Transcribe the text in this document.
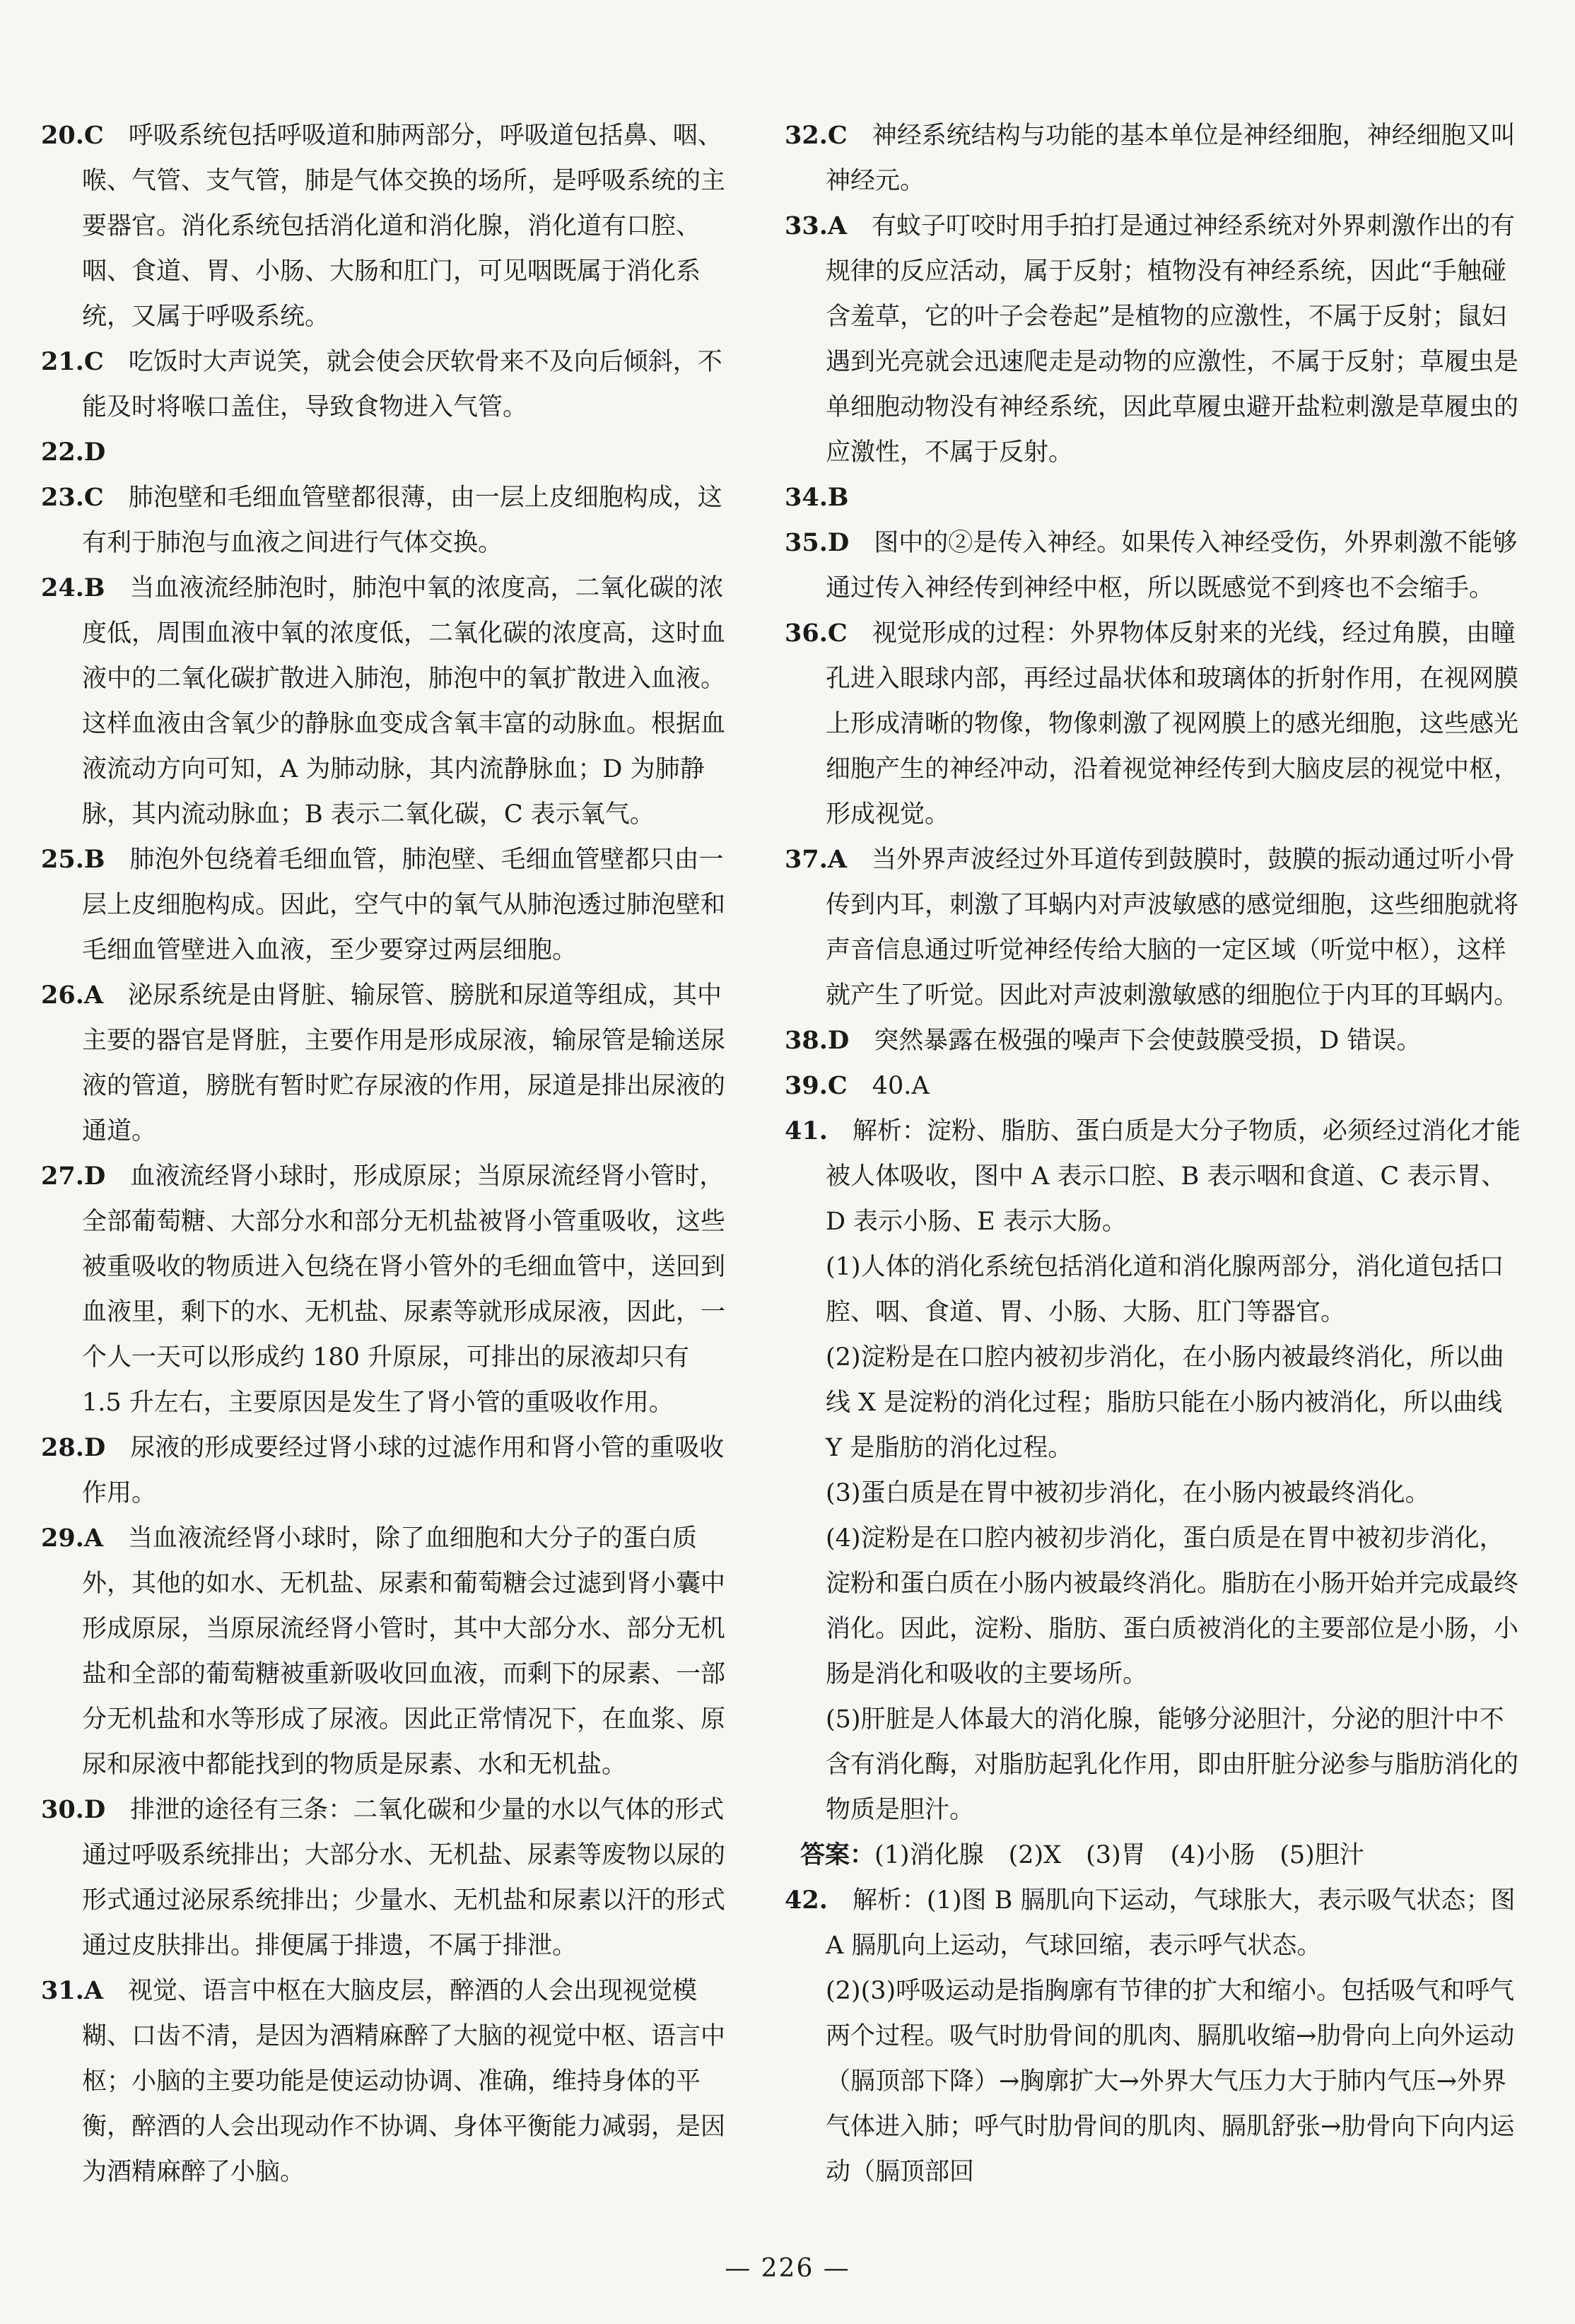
20.C　呼吸系统包括呼吸道和肺两部分，呼吸道包括鼻、咽、喉、气管、支气管，肺是气体交换的场所，是呼吸系统的主要器官。消化系统包括消化道和消化腺，消化道有口腔、咽、食道、胃、小肠、大肠和肛门，可见咽既属于消化系统，又属于呼吸系统。

21.C　吃饭时大声说笑，就会使会厌软骨来不及向后倾斜，不能及时将喉口盖住，导致食物进入气管。

22.D

23.C　肺泡壁和毛细血管壁都很薄，由一层上皮细胞构成，这有利于肺泡与血液之间进行气体交换。

24.B　当血液流经肺泡时，肺泡中氧的浓度高，二氧化碳的浓度低，周围血液中氧的浓度低，二氧化碳的浓度高，这时血液中的二氧化碳扩散进入肺泡，肺泡中的氧扩散进入血液。这样血液由含氧少的静脉血变成含氧丰富的动脉血。根据血液流动方向可知，A 为肺动脉，其内流静脉血；D 为肺静脉，其内流动脉血；B 表示二氧化碳，C 表示氧气。

25.B　肺泡外包绕着毛细血管，肺泡壁、毛细血管壁都只由一层上皮细胞构成。因此，空气中的氧气从肺泡透过肺泡壁和毛细血管壁进入血液，至少要穿过两层细胞。

26.A　泌尿系统是由肾脏、输尿管、膀胱和尿道等组成，其中主要的器官是肾脏，主要作用是形成尿液，输尿管是输送尿液的管道，膀胱有暂时贮存尿液的作用，尿道是排出尿液的通道。

27.D　血液流经肾小球时，形成原尿；当原尿流经肾小管时，全部葡萄糖、大部分水和部分无机盐被肾小管重吸收，这些被重吸收的物质进入包绕在肾小管外的毛细血管中，送回到血液里，剩下的水、无机盐、尿素等就形成尿液，因此，一个人一天可以形成约 180 升原尿，可排出的尿液却只有 1.5 升左右，主要原因是发生了肾小管的重吸收作用。

28.D　尿液的形成要经过肾小球的过滤作用和肾小管的重吸收作用。

29.A　当血液流经肾小球时，除了血细胞和大分子的蛋白质外，其他的如水、无机盐、尿素和葡萄糖会过滤到肾小囊中形成原尿，当原尿流经肾小管时，其中大部分水、部分无机盐和全部的葡萄糖被重新吸收回血液，而剩下的尿素、一部分无机盐和水等形成了尿液。因此正常情况下，在血浆、原尿和尿液中都能找到的物质是尿素、水和无机盐。

30.D　排泄的途径有三条：二氧化碳和少量的水以气体的形式通过呼吸系统排出；大部分水、无机盐、尿素等废物以尿的形式通过泌尿系统排出；少量水、无机盐和尿素以汗的形式通过皮肤排出。排便属于排遗，不属于排泄。

31.A　视觉、语言中枢在大脑皮层，醉酒的人会出现视觉模糊、口齿不清，是因为酒精麻醉了大脑的视觉中枢、语言中枢；小脑的主要功能是使运动协调、准确，维持身体的平衡，醉酒的人会出现动作不协调、身体平衡能力减弱，是因为酒精麻醉了小脑。

32.C　神经系统结构与功能的基本单位是神经细胞，神经细胞又叫神经元。

33.A　有蚊子叮咬时用手拍打是通过神经系统对外界刺激作出的有规律的反应活动，属于反射；植物没有神经系统，因此“手触碰含羞草，它的叶子会卷起”是植物的应激性，不属于反射；鼠妇遇到光亮就会迅速爬走是动物的应激性，不属于反射；草履虫是单细胞动物没有神经系统，因此草履虫避开盐粒刺激是草履虫的应激性，不属于反射。

34.B

35.D　图中的②是传入神经。如果传入神经受伤，外界刺激不能够通过传入神经传到神经中枢，所以既感觉不到疼也不会缩手。

36.C　视觉形成的过程：外界物体反射来的光线，经过角膜，由瞳孔进入眼球内部，再经过晶状体和玻璃体的折射作用，在视网膜上形成清晰的物像，物像刺激了视网膜上的感光细胞，这些感光细胞产生的神经冲动，沿着视觉神经传到大脑皮层的视觉中枢，形成视觉。

37.A　当外界声波经过外耳道传到鼓膜时，鼓膜的振动通过听小骨传到内耳，刺激了耳蜗内对声波敏感的感觉细胞，这些细胞就将声音信息通过听觉神经传给大脑的一定区域（听觉中枢），这样就产生了听觉。因此对声波刺激敏感的细胞位于内耳的耳蜗内。

38.D　突然暴露在极强的噪声下会使鼓膜受损，D 错误。

39.C　40.A

41.　解析：淀粉、脂肪、蛋白质是大分子物质，必须经过消化才能被人体吸收，图中 A 表示口腔、B 表示咽和食道、C 表示胃、D 表示小肠、E 表示大肠。

(1)人体的消化系统包括消化道和消化腺两部分，消化道包括口腔、咽、食道、胃、小肠、大肠、肛门等器官。

(2)淀粉是在口腔内被初步消化，在小肠内被最终消化，所以曲线 X 是淀粉的消化过程；脂肪只能在小肠内被消化，所以曲线 Y 是脂肪的消化过程。

(3)蛋白质是在胃中被初步消化，在小肠内被最终消化。

(4)淀粉是在口腔内被初步消化，蛋白质是在胃中被初步消化，淀粉和蛋白质在小肠内被最终消化。脂肪在小肠开始并完成最终消化。因此，淀粉、脂肪、蛋白质被消化的主要部位是小肠，小肠是消化和吸收的主要场所。

(5)肝脏是人体最大的消化腺，能够分泌胆汁，分泌的胆汁中不含有消化酶，对脂肪起乳化作用，即由肝脏分泌参与脂肪消化的物质是胆汁。

答案：(1)消化腺　(2)X　(3)胃　(4)小肠　(5)胆汁

42.　解析：(1)图 B 膈肌向下运动，气球胀大，表示吸气状态；图 A 膈肌向上运动，气球回缩，表示呼气状态。

(2)(3)呼吸运动是指胸廓有节律的扩大和缩小。包括吸气和呼气两个过程。吸气时肋骨间的肌肉、膈肌收缩→肋骨向上向外运动（膈顶部下降）→胸廓扩大→外界大气压力大于肺内气压→外界气体进入肺；呼气时肋骨间的肌肉、膈肌舒张→肋骨向下向内运动（膈顶部回

— 226 —
